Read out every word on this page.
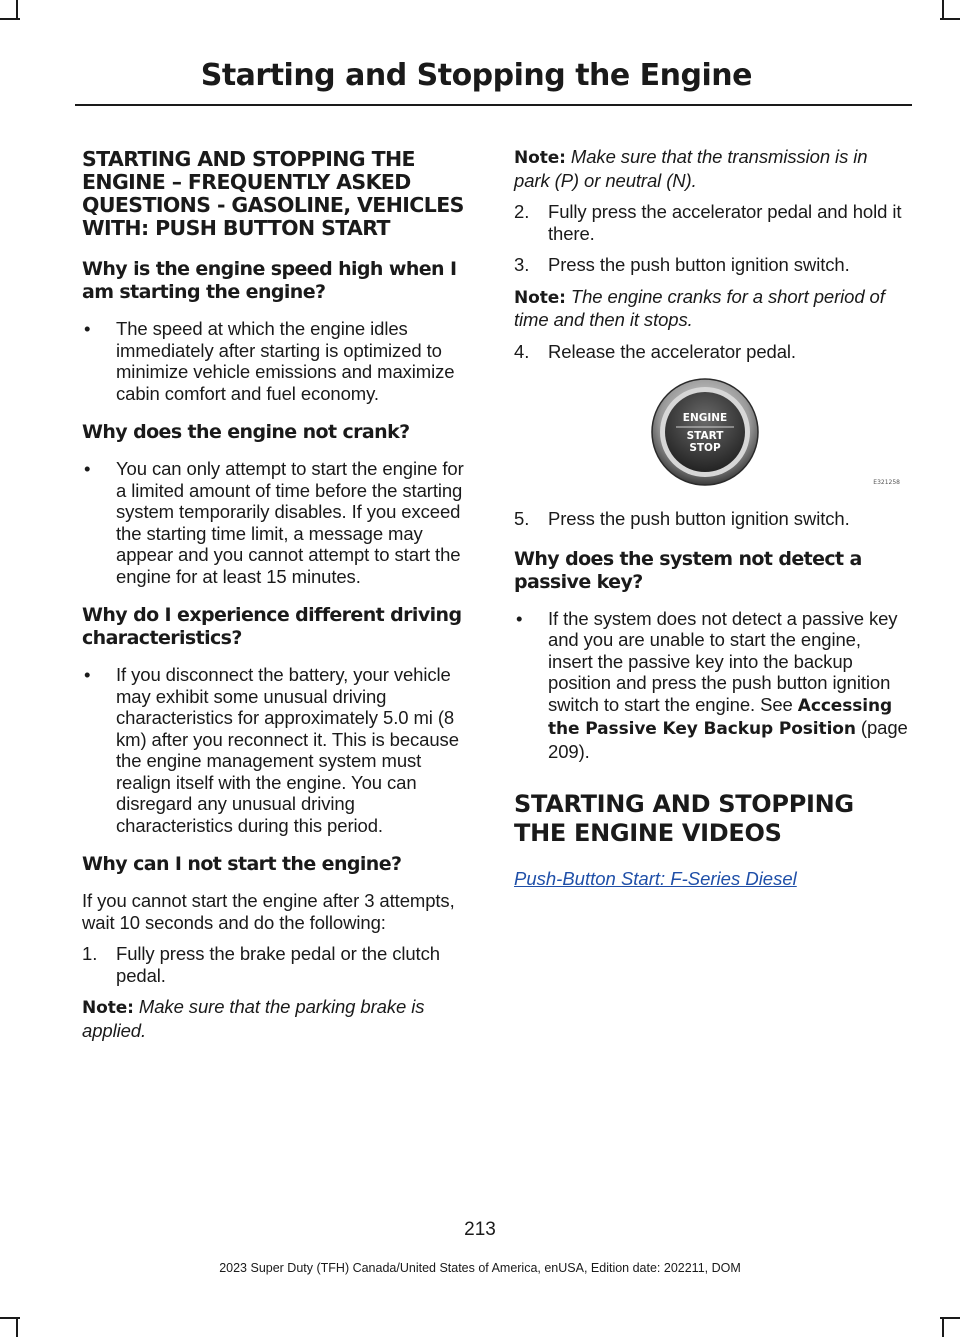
Starting and Stopping the Engine
STARTING AND STOPPING THE ENGINE – FREQUENTLY ASKED QUESTIONS - GASOLINE, VEHICLES WITH: PUSH BUTTON START
Why is the engine speed high when I am starting the engine?
• The speed at which the engine idles immediately after starting is optimized to minimize vehicle emissions and maximize cabin comfort and fuel economy.
Why does the engine not crank?
• You can only attempt to start the engine for a limited amount of time before the starting system temporarily disables. If you exceed the starting time limit, a message may appear and you cannot attempt to start the engine for at least 15 minutes.
Why do I experience different driving characteristics?
• If you disconnect the battery, your vehicle may exhibit some unusual driving characteristics for approximately 5.0 mi (8 km) after you reconnect it. This is because the engine management system must realign itself with the engine. You can disregard any unusual driving characteristics during this period.
Why can I not start the engine?

If you cannot start the engine after 3 attempts, wait 10 seconds and do the following:

1. Fully press the brake pedal or the clutch pedal.

Note: Make sure that the parking brake is applied.

Note: Make sure that the transmission is in park (P) or neutral (N).

2. Fully press the accelerator pedal and hold it there.
3. Press the push button ignition switch.

Note: The engine cranks for a short period of time and then it stops.

4. Release the accelerator pedal.
ENGINE
START
STOP
E321258
5. Press the push button ignition switch.
Why does the system not detect a passive key?
• If the system does not detect a passive key and you are unable to start the engine, insert the passive key into the backup position and press the push button ignition switch to start the engine. See Accessing the Passive Key Backup Position (page 209).
STARTING AND STOPPING
THE ENGINE VIDEOS
Push-Button Start: F-Series Diesel
213
2023 Super Duty (TFH) Canada/United States of America, enUSA, Edition date: 202211, DOM
